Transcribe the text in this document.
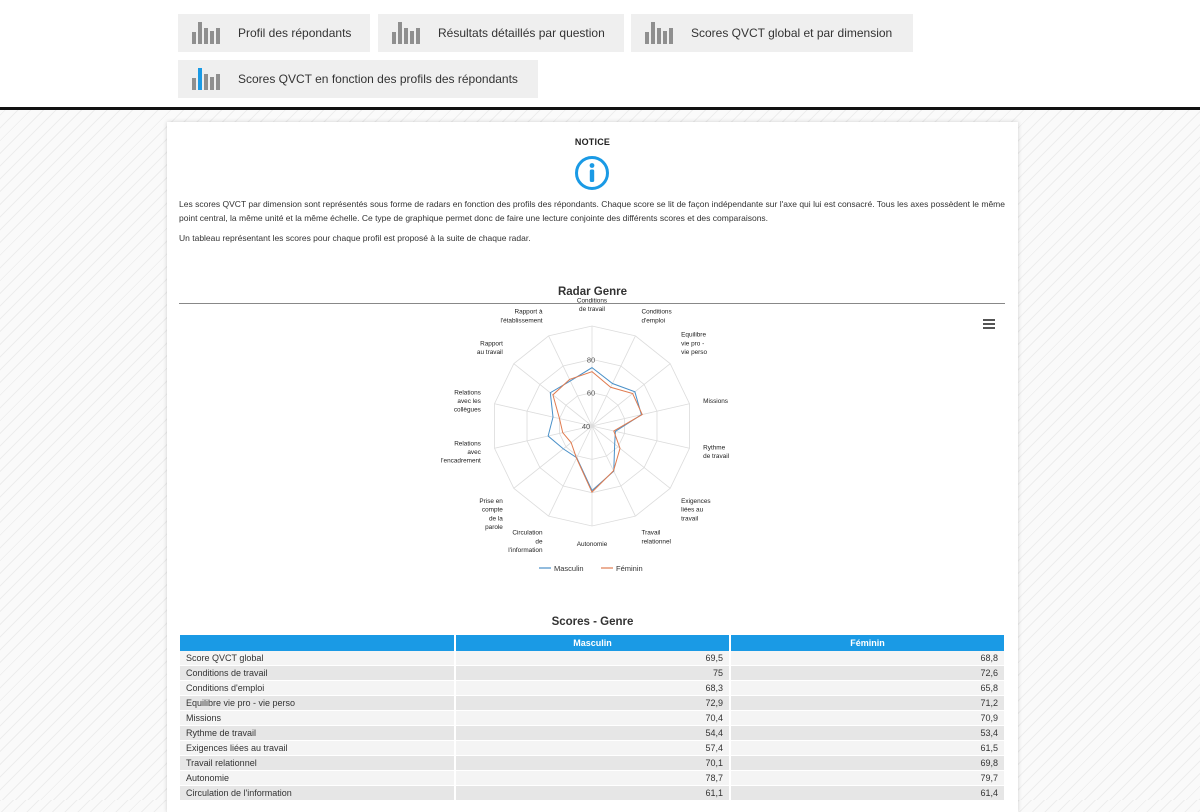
Profil des répondants	Résultats détaillés par question	Scores QVCT global et par dimension
Scores QVCT en fonction des profils des répondants
NOTICE

Les scores QVCT par dimension sont représentés sous forme de radars en fonction des profils des répondants. Chaque score se lit de façon indépendante sur l'axe qui lui est consacré. Tous les axes possèdent le même point central, la même unité et la même échelle. Ce type de graphique permet donc de faire une lecture conjointe des différents scores et des comparaisons.

Un tableau représentant les scores pour chaque profil est proposé à la suite de chaque radar.

Radar Genre
Conditions de travail	Conditions d'emploi
Equilibre vie pro -vie perso
Missions
Rythme de travail
Exigences liées au travail
Travail relationnel
Autonomie
Circulation de l'information
Prise en compte de la parole
Relations avec l'encadrement
Relations avec les collègues
Rapport au travail
Rapport à l'établissement
60
80
40
Masculin	Féminin
Scores - Genre
	Masculin	Féminin
Score QVCT global	69,5	68,8
Conditions de travail	75	72,6
Conditions d'emploi	68,3	65,8
Equilibre vie pro - vie perso	72,9	71,2
Missions	70,4	70,9
Rythme de travail	54,4	53,4
Exigences liées au travail	57,4	61,5
Travail relationnel	70,1	69,8
Autonomie	78,7	79,7
Circulation de l'information	61,1	61,4
